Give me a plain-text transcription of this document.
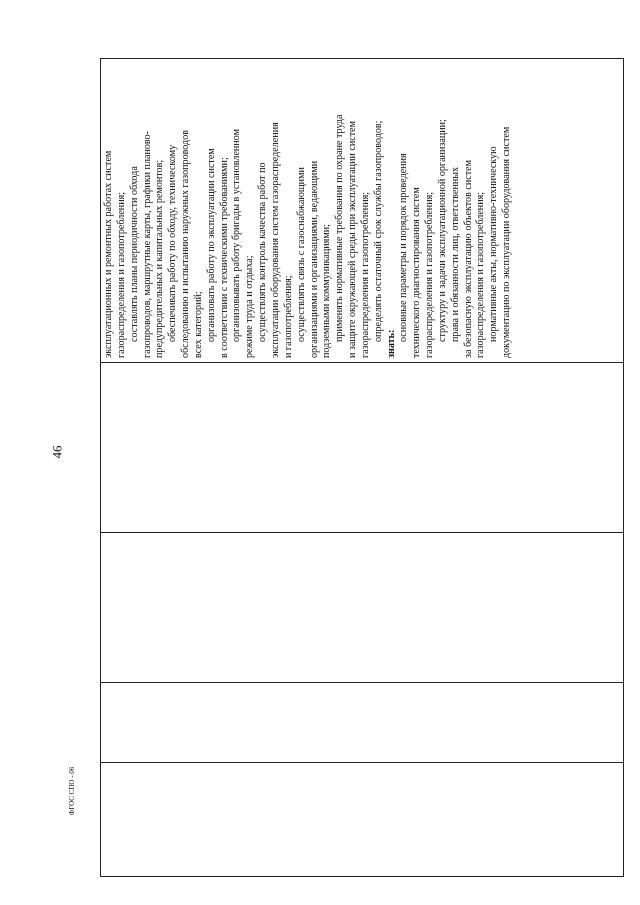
46

эксплуатационных и ремонтных работах систем газораспределения и газопотребления; составлять планы периодичности обхода газопроводов, маршрутные карты, графики планово- предупредительных и капитальных ремонтов; обеспечивать работу по обходу, техническому обследованию и испытанию наружных газопроводов всех категорий; организовать работу по эксплуатации систем в соответствии с техническими требованиями; организовывать работу бригады в установленном режиме труда и отдыха; осуществлять контроль качества работ по эксплуатации оборудования систем газораспределения и газопотребления; осуществлять связь с газоснабжающими организациями и организациями, ведающими подземными коммуникациями; применять нормативные требования по охране труда и защите окружающей среды при эксплуатации систем газораспределения и газопотребления; определять остаточный срок службы газопроводов;
знать:
основные параметры и порядок проведения технического диагностирования систем газораспределения и газопотребления; структуру и задачи эксплуатационной организации; права и обязанности лиц, ответственных за безопасную эксплуатацию объектов систем газораспределения и газопотребления; нормативные акты, нормативно-техническую документацию по эксплуатации оборудования систем
ФГОС СПО - 06
